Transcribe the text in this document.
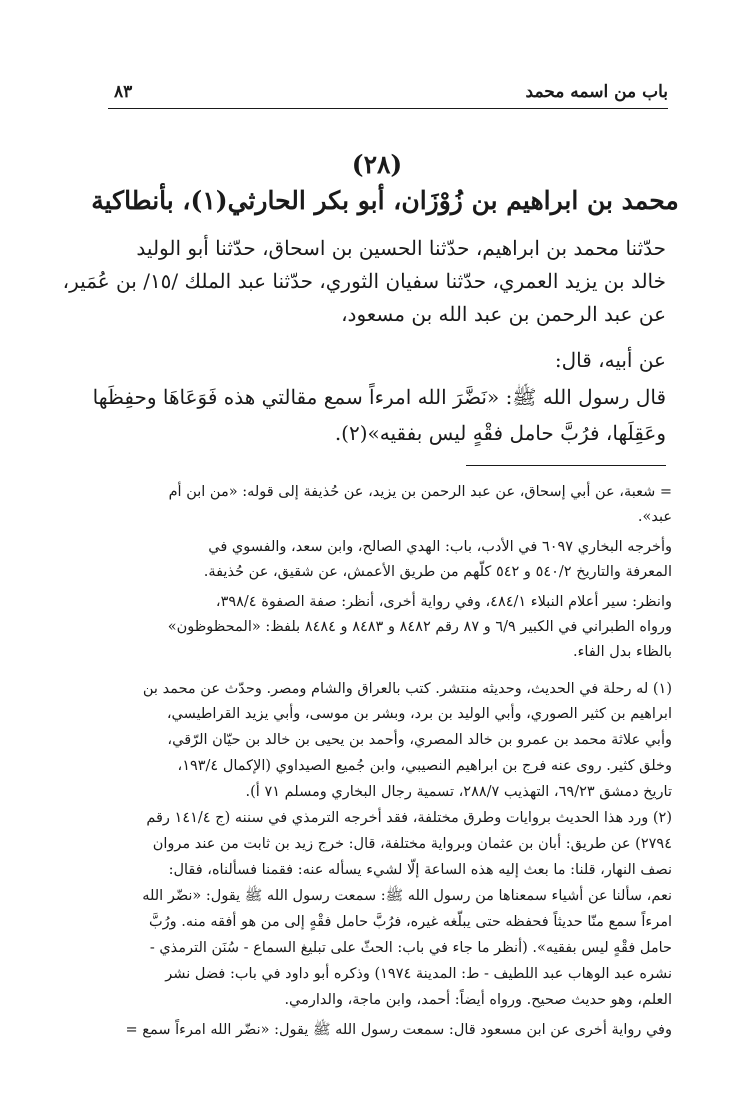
باب من اسمه محمد
٨٣
(٢٨)
محمد بن ابراهيم بن زُوْزَان، أبو بكر الحارثي(١)، بأنطاكية
حدّثنا محمد بن ابراهيم، حدّثنا الحسين بن اسحاق، حدّثنا أبو الوليد
خالد بن يزيد العمري، حدّثنا سفيان الثوري، حدّثنا عبد الملك /١٥/ بن عُمَير،
عن عبد الرحمن بن عبد الله بن مسعود،
عن أبيه، قال:
قال رسول الله ﷺ: «نَضَّرَ الله امرءاً سمع مقالتي هذه فَوَعَاهَا وحفِظَها
وعَقِلَها، فرُبَّ حامل فقْهٍ ليس بفقيه»(٢).
= شعبة، عن أبي إسحاق، عن عبد الرحمن بن يزيد، عن حُذيفة إلى قوله: «من ابن أم
عبد».
وأخرجه البخاري ٦٠٩٧ في الأدب، باب: الهدي الصالح، وابن سعد، والفسوي في
المعرفة والتاريخ ٥٤٠/٢ و ٥٤٢ كلّهم من طريق الأعمش، عن شقيق، عن حُذيفة.
وانظر: سير أعلام النبلاء ٤٨٤/١، وفي رواية أخرى، أنظر: صفة الصفوة ٣٩٨/٤،
ورواه الطبراني في الكبير ٦/٩ و ٨٧ رقم ٨٤٨٢ و ٨٤٨٣ و ٨٤٨٤ بلفظ: «المحظوظون»
بالظاء بدل الفاء.
(١) له رحلة في الحديث، وحديثه منتشر. كتب بالعراق والشام ومصر. وحدّث عن محمد بن
ابراهيم بن كثير الصوري، وأبي الوليد بن برد، وبشر بن موسى، وأبي يزيد القراطيسي،
وأبي علاثة محمد بن عمرو بن خالد المصري، وأحمد بن يحيى بن خالد بن حيّان الرّقي،
وخلق كثير. روى عنه فرج بن ابراهيم النصيبي، وابن جُميع الصيداوي (الإكمال ١٩٣/٤،
تاريخ دمشق ٦٩/٢٣، التهذيب ٢٨٨/٧، تسمية رجال البخاري ومسلم ٧١ أ).
(٢) ورد هذا الحديث بروايات وطرق مختلفة، فقد أخرجه الترمذي في سننه (ج ١٤١/٤ رقم
٢٧٩٤) عن طريق: أبان بن عثمان وبرواية مختلفة، قال: خرج زيد بن ثابت من عند مروان
نصف النهار، قلنا: ما بعث إليه هذه الساعة إلّا لشيء يسأله عنه: فقمنا فسألناه، فقال:
نعم، سألنا عن أشياء سمعناها من رسول الله ﷺ: سمعت رسول الله ﷺ يقول: «نضّر الله
امرءاً سمع منّا حديثاً فحفظه حتى يبلّغه غيره، فرُبَّ حامل فقْهٍ إلى من هو أفقه منه. ورُبَّ
حامل فقْهٍ ليس بفقيه». (أنظر ما جاء في باب: الحثّ على تبليغ السماع - سُنَن الترمذي -
نشره عبد الوهاب عبد اللطيف - ط: المدينة ١٩٧٤) وذكره أبو داود في باب: فضل نشر
العلم، وهو حديث صحيح. ورواه أيضاً: أحمد، وابن ماجة، والدارمي.
وفي رواية أخرى عن ابن مسعود قال: سمعت رسول الله ﷺ يقول: «نضّر الله امرءاً سمع =
